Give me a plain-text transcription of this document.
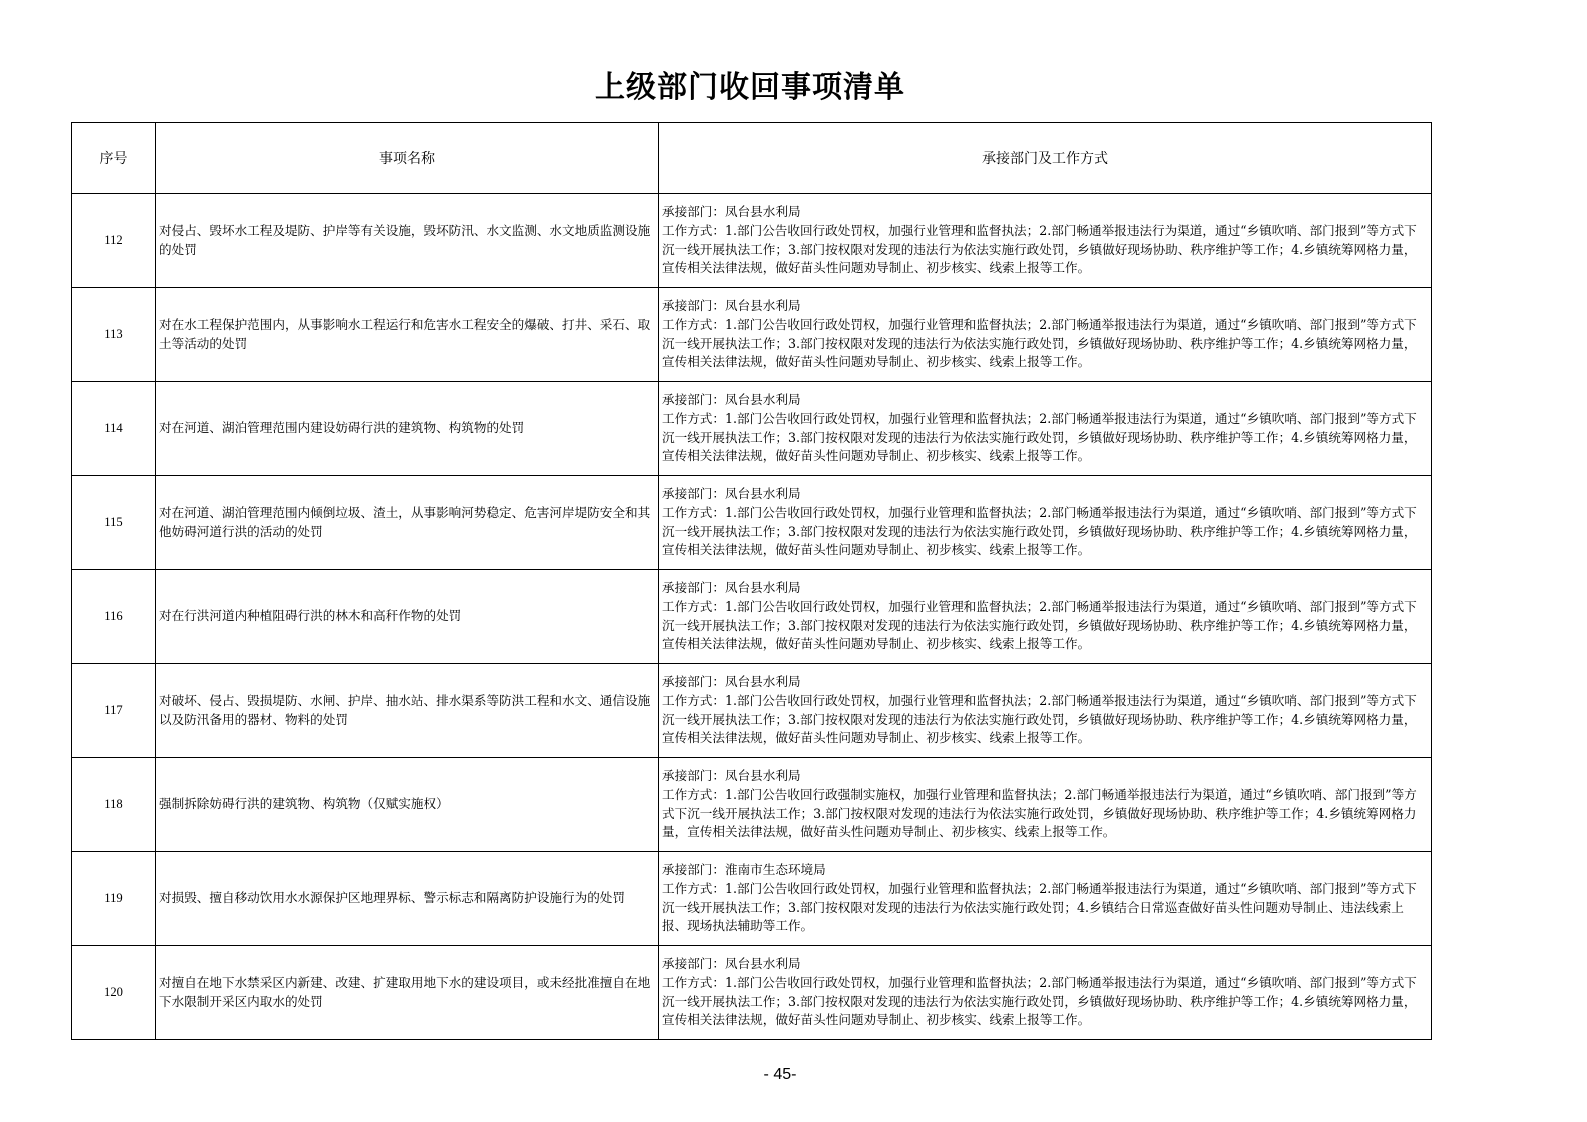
上级部门收回事项清单
序号	事项名称	承接部门及工作方式
112	对侵占、毁坏水工程及堤防、护岸等有关设施，毁坏防汛、水文监测、水文地质监测设施的处罚	承接部门：凤台县水利局
工作方式：1.部门公告收回行政处罚权，加强行业管理和监督执法；2.部门畅通举报违法行为渠道，通过“乡镇吹哨、部门报到”等方式下沉一线开展执法工作；3.部门按权限对发现的违法行为依法实施行政处罚，乡镇做好现场协助、秩序维护等工作；4.乡镇统筹网格力量，宣传相关法律法规，做好苗头性问题劝导制止、初步核实、线索上报等工作。

113	对在水工程保护范围内，从事影响水工程运行和危害水工程安全的爆破、打井、采石、取土等活动的处罚	承接部门：凤台县水利局
工作方式：1.部门公告收回行政处罚权，加强行业管理和监督执法；2.部门畅通举报违法行为渠道，通过“乡镇吹哨、部门报到”等方式下沉一线开展执法工作；3.部门按权限对发现的违法行为依法实施行政处罚，乡镇做好现场协助、秩序维护等工作；4.乡镇统筹网格力量，宣传相关法律法规，做好苗头性问题劝导制止、初步核实、线索上报等工作。

114	对在河道、湖泊管理范围内建设妨碍行洪的建筑物、构筑物的处罚	承接部门：凤台县水利局
工作方式：1.部门公告收回行政处罚权，加强行业管理和监督执法；2.部门畅通举报违法行为渠道，通过“乡镇吹哨、部门报到”等方式下沉一线开展执法工作；3.部门按权限对发现的违法行为依法实施行政处罚，乡镇做好现场协助、秩序维护等工作；4.乡镇统筹网格力量，宣传相关法律法规，做好苗头性问题劝导制止、初步核实、线索上报等工作。

115	对在河道、湖泊管理范围内倾倒垃圾、渣土，从事影响河势稳定、危害河岸堤防安全和其他妨碍河道行洪的活动的处罚	承接部门：凤台县水利局
工作方式：1.部门公告收回行政处罚权，加强行业管理和监督执法；2.部门畅通举报违法行为渠道，通过“乡镇吹哨、部门报到”等方式下沉一线开展执法工作；3.部门按权限对发现的违法行为依法实施行政处罚，乡镇做好现场协助、秩序维护等工作；4.乡镇统筹网格力量，宣传相关法律法规，做好苗头性问题劝导制止、初步核实、线索上报等工作。

116	对在行洪河道内种植阻碍行洪的林木和高秆作物的处罚	承接部门：凤台县水利局
工作方式：1.部门公告收回行政处罚权，加强行业管理和监督执法；2.部门畅通举报违法行为渠道，通过“乡镇吹哨、部门报到”等方式下沉一线开展执法工作；3.部门按权限对发现的违法行为依法实施行政处罚，乡镇做好现场协助、秩序维护等工作；4.乡镇统筹网格力量，宣传相关法律法规，做好苗头性问题劝导制止、初步核实、线索上报等工作。

117	对破坏、侵占、毁损堤防、水闸、护岸、抽水站、排水渠系等防洪工程和水文、通信设施以及防汛备用的器材、物料的处罚	承接部门：凤台县水利局
工作方式：1.部门公告收回行政处罚权，加强行业管理和监督执法；2.部门畅通举报违法行为渠道，通过“乡镇吹哨、部门报到”等方式下沉一线开展执法工作；3.部门按权限对发现的违法行为依法实施行政处罚，乡镇做好现场协助、秩序维护等工作；4.乡镇统筹网格力量，宣传相关法律法规，做好苗头性问题劝导制止、初步核实、线索上报等工作。

118	强制拆除妨碍行洪的建筑物、构筑物（仅赋实施权）	承接部门：凤台县水利局
工作方式：1.部门公告收回行政强制实施权，加强行业管理和监督执法；2.部门畅通举报违法行为渠道，通过“乡镇吹哨、部门报到”等方式下沉一线开展执法工作；3.部门按权限对发现的违法行为依法实施行政处罚，乡镇做好现场协助、秩序维护等工作；4.乡镇统筹网格力量，宣传相关法律法规，做好苗头性问题劝导制止、初步核实、线索上报等工作。

119	对损毁、擅自移动饮用水水源保护区地理界标、警示标志和隔离防护设施行为的处罚	承接部门：淮南市生态环境局
工作方式：1.部门公告收回行政处罚权，加强行业管理和监督执法；2.部门畅通举报违法行为渠道，通过“乡镇吹哨、部门报到”等方式下沉一线开展执法工作；3.部门按权限对发现的违法行为依法实施行政处罚；4.乡镇结合日常巡查做好苗头性问题劝导制止、违法线索上报、现场执法辅助等工作。

120	对擅自在地下水禁采区内新建、改建、扩建取用地下水的建设项目，或未经批准擅自在地下水限制开采区内取水的处罚	承接部门：凤台县水利局
工作方式：1.部门公告收回行政处罚权，加强行业管理和监督执法；2.部门畅通举报违法行为渠道，通过“乡镇吹哨、部门报到”等方式下沉一线开展执法工作；3.部门按权限对发现的违法行为依法实施行政处罚，乡镇做好现场协助、秩序维护等工作；4.乡镇统筹网格力量，宣传相关法律法规，做好苗头性问题劝导制止、初步核实、线索上报等工作。
- 45-
